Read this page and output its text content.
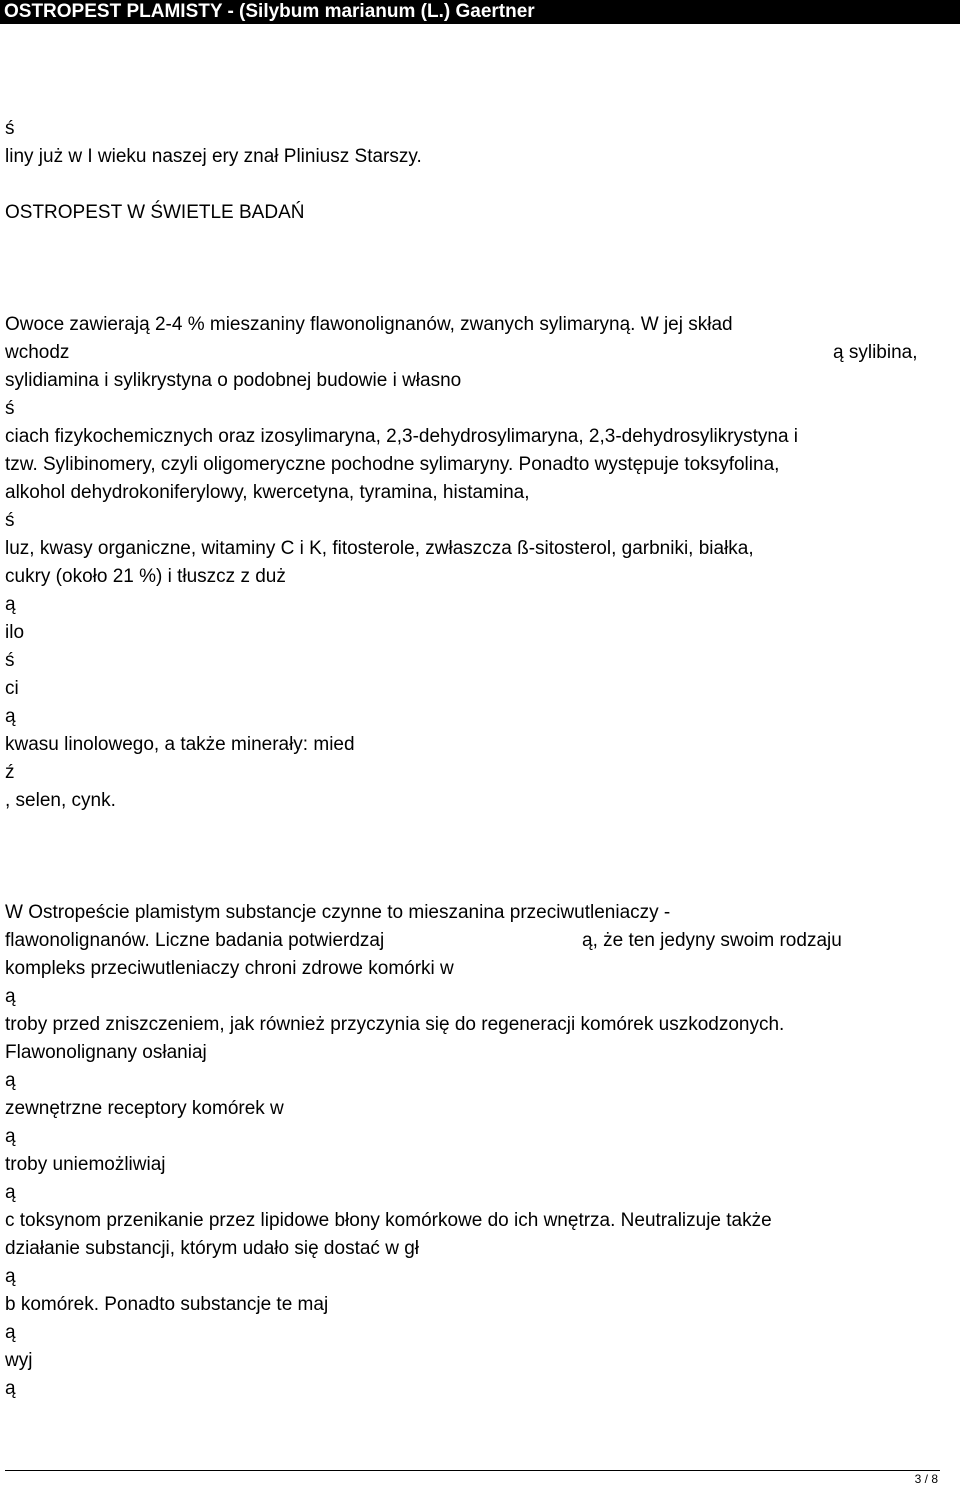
OSTROPEST PLAMISTY - (Silybum marianum (L.) Gaertner
ś
liny już w I wieku naszej ery znał Pliniusz Starszy.
OSTROPEST W ŚWIETLE BADAŃ
Owoce zawierają 2-4 % mieszaniny flawonolignanów, zwanych sylimaryną. W jej skład
wchodz	ą sylibina,
sylidiamina i sylikrystyna o podobnej budowie i własno
ś
ciach fizykochemicznych oraz izosylimaryna, 2,3-dehydrosylimaryna, 2,3-dehydrosylikrystyna i
tzw. Sylibinomery, czyli oligomeryczne pochodne sylimaryny. Ponadto występuje toksyfolina,
alkohol dehydrokoniferylowy, kwercetyna, tyramina, histamina,
ś
luz, kwasy organiczne, witaminy C i K, fitosterole, zwłaszcza ß-sitosterol, garbniki, białka,
cukry (około 21 %) i tłuszcz z duż
ą
ilo
ś
ci
ą
kwasu linolowego, a także minerały: mied
ź
, selen, cynk.
W Ostropeście plamistym substancje czynne to mieszanina przeciwutleniaczy -
flawonolignanów. Liczne badania potwierdzaj	ą, że ten jedyny swoim rodzaju
kompleks przeciwutleniaczy chroni zdrowe komórki w
ą
troby przed zniszczeniem, jak również przyczynia się do regeneracji komórek uszkodzonych.
Flawonolignany osłaniaj
ą
zewnętrzne receptory komórek w
ą
troby uniemożliwiaj
ą
c toksynom przenikanie przez lipidowe błony komórkowe do ich wnętrza. Neutralizuje także
działanie substancji, którym udało się dostać w gł
ą
b komórek. Ponadto substancje te maj
ą
wyj
ą
3 / 8
